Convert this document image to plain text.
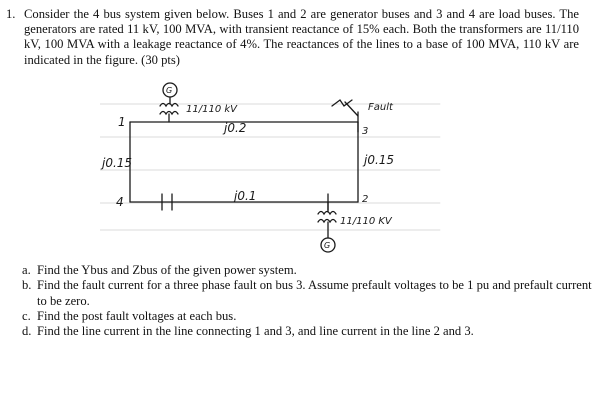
1. Consider the 4 bus system given below. Buses 1 and 2 are generator buses and 3 and 4 are load buses. The generators are rated 11 kV, 100 MVA, with transient reactance of 15% each. Both the transformers are 11/110 kV, 100 MVA with a leakage reactance of 4%. The reactances of the lines to a base of 100 MVA, 110 kV are indicated in the figure. (30 pts)
G
11/110 kV	Fault
1
3
j0.2
j0.15	j0.15
4	j0.1	2
11/110 KV
G
a. Find the Ybus and Zbus of the given power system.
b. Find the fault current for a three phase fault on bus 3. Assume prefault voltages to be 1 pu and prefault current to be zero.
c. Find the post fault voltages at each bus.
d. Find the line current in the line connecting 1 and 3, and line current in the line 2 and 3.
